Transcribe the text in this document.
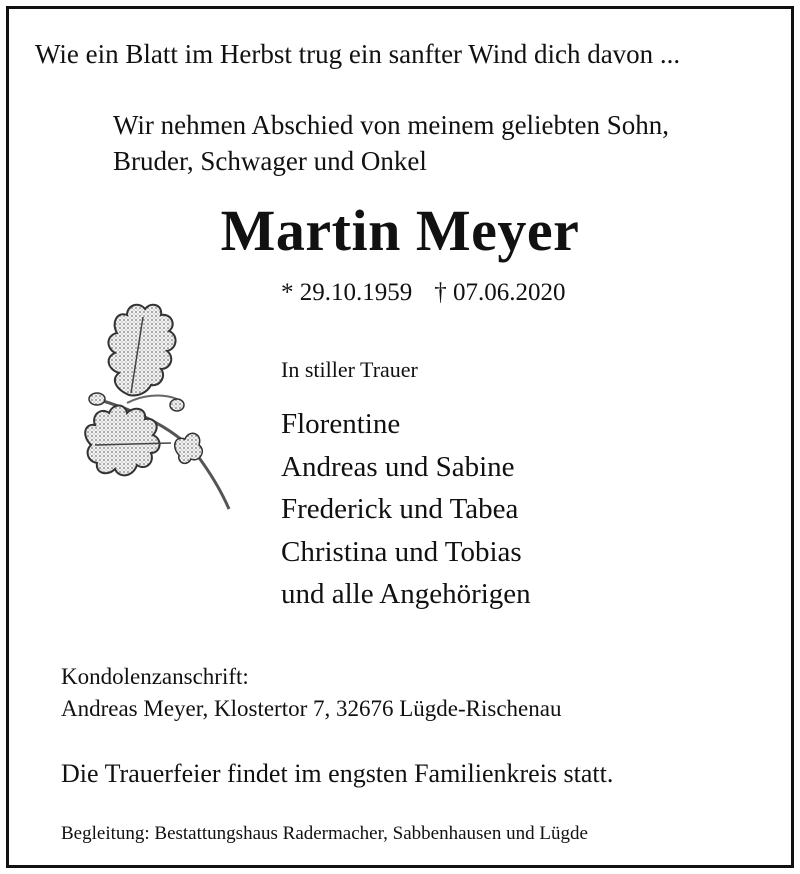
Wie ein Blatt im Herbst trug ein sanfter Wind dich davon ...
Wir nehmen Abschied von meinem geliebten Sohn,
Bruder, Schwager und Onkel
Martin Meyer
* 29.10.1959 † 07.06.2020
In stiller Trauer
Florentine
Andreas und Sabine
Frederick und Tabea
Christina und Tobias
und alle Angehörigen
Kondolenzanschrift:
Andreas Meyer, Klostertor 7, 32676 Lügde-Rischenau
Die Trauerfeier findet im engsten Familienkreis statt.
Begleitung: Bestattungshaus Radermacher, Sabbenhausen und Lügde
